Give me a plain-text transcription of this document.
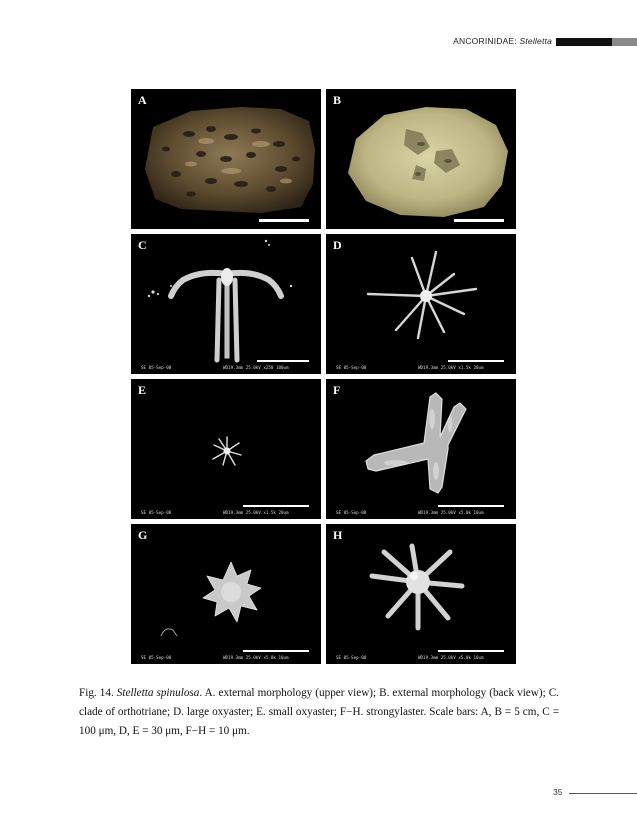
ANCORINIDAE: Stelletta
A	B
SE 05-Sep-08	WD19.3mm 25.0kV x250 100um
C
SE 05-Sep-08	WD19.3mm 25.0kV x1.5k 20um
D
SE 05-Sep-08	WD19.3mm 25.0kV x1.5k 20um
E
SE 05-Sep-08	WD19.3mm 25.0kV x5.0k 10um
F
SE 05-Sep-08	WD19.3mm 25.0kV x5.0k 10um
G
SE 05-Sep-08	WD19.3mm 25.0kV x5.0k 10um
H
Fig. 14. Stelletta spinulosa. A. external morphology (upper view); B. external morphology (back view); C. clade of orthotriane; D. large oxyaster; E. small oxyaster; F−H. strongylaster. Scale bars: A, B = 5 cm, C = 100 μm, D, E = 30 μm, F−H = 10 μm.
35
